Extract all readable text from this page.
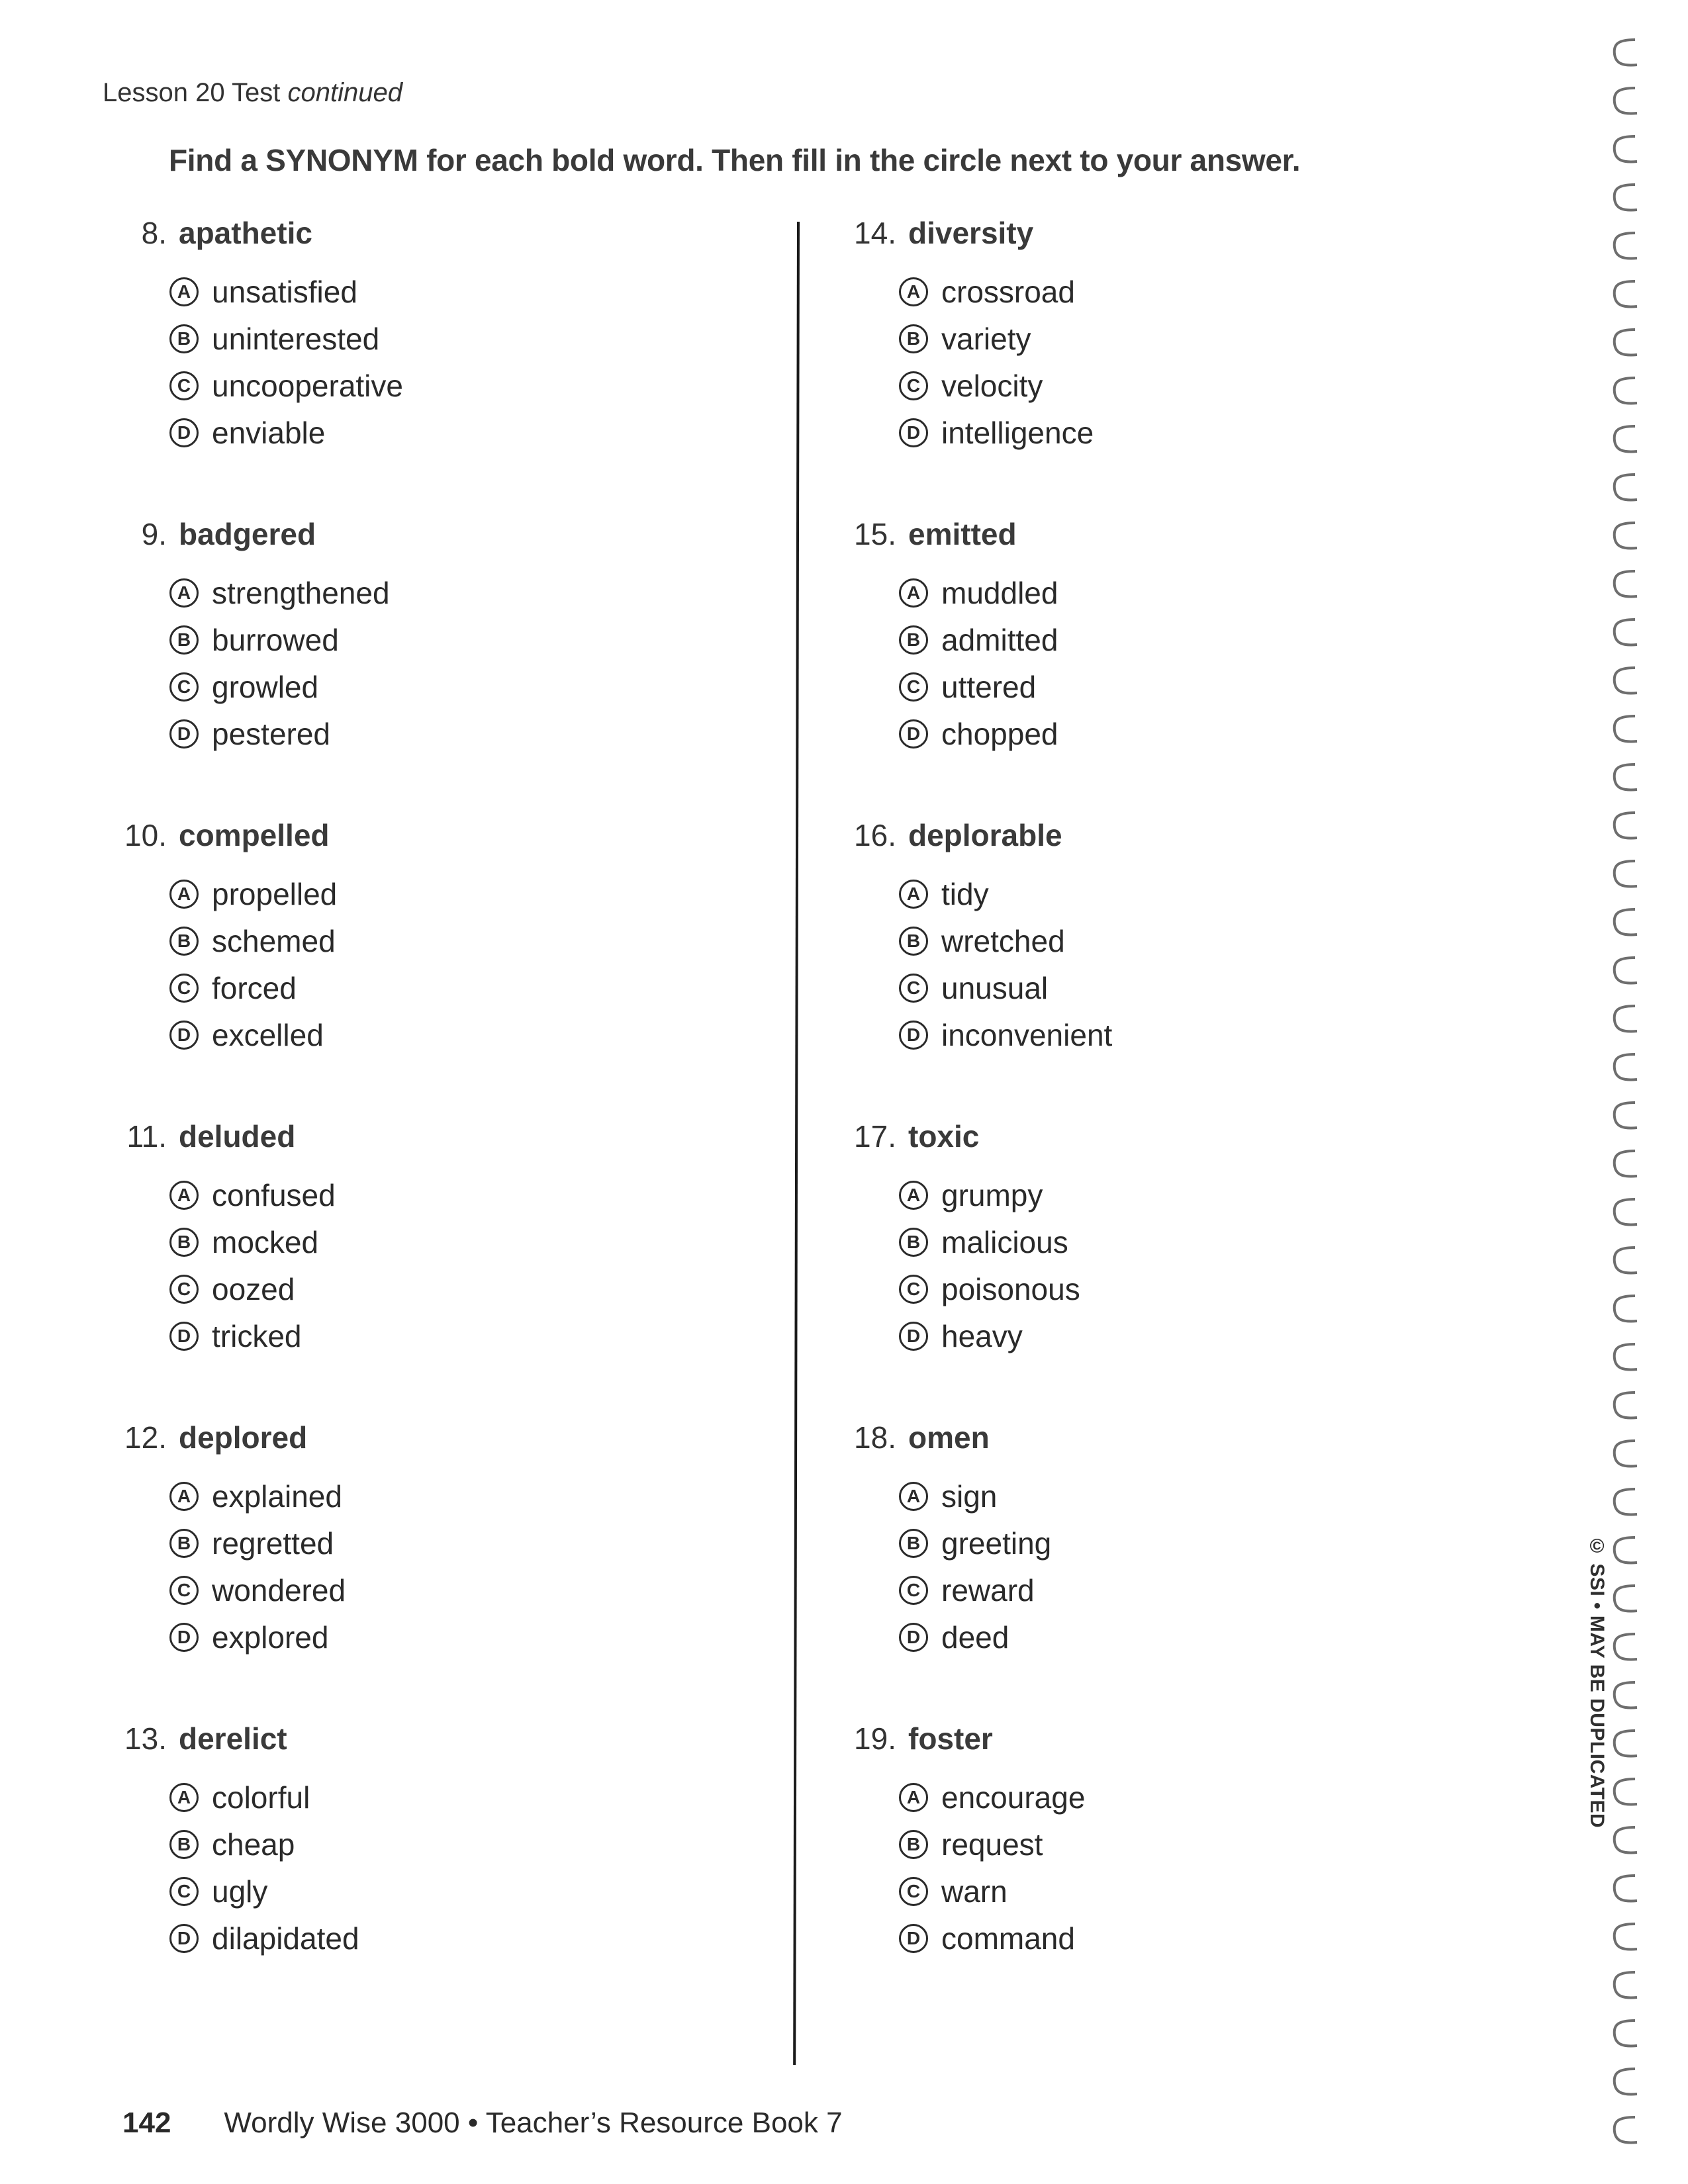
Lesson 20 Test continued
Find a SYNONYM for each bold word. Then fill in the circle next to your answer.
8. apathetic
A unsatisfied
B uninterested
C uncooperative
D enviable
9. badgered
A strengthened
B burrowed
C growled
D pestered
10. compelled
A propelled
B schemed
C forced
D excelled
11. deluded
A confused
B mocked
C oozed
D tricked
12. deplored
A explained
B regretted
C wondered
D explored
13. derelict
A colorful
B cheap
C ugly
D dilapidated
14. diversity
A crossroad
B variety
C velocity
D intelligence
15. emitted
A muddled
B admitted
C uttered
D chopped
16. deplorable
A tidy
B wretched
C unusual
D inconvenient
17. toxic
A grumpy
B malicious
C poisonous
D heavy
18. omen
A sign
B greeting
C reward
D deed
19. foster
A encourage
B request
C warn
D command
142 Wordly Wise 3000 • Teacher’s Resource Book 7
© SSI • MAY BE DUPLICATED
